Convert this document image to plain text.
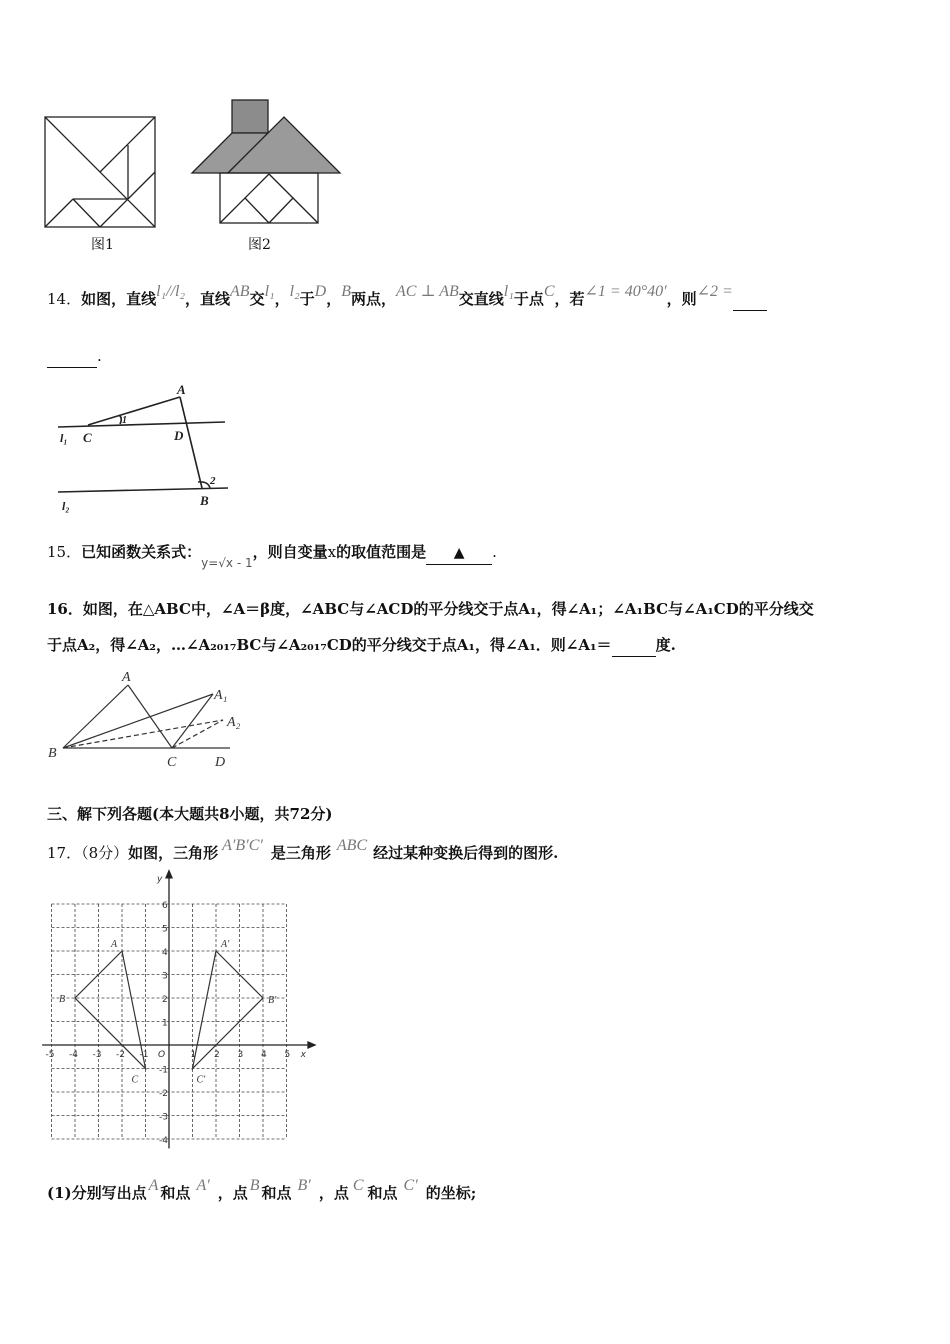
图1	图2
14．如图，直线l₁//l₂，直线AB交l₁，l₂于D，B两点，AC ⊥ AB交直线l₁于点C，若∠1 = 40°40′，则∠2 =
.
A
C	D
B
1
2
l₁
l₂
15．已知函数关系式：y=√x - 1，则自变量x的取值范围是 ▲ .
16．如图，在△ABC中，∠A＝β度，∠ABC与∠ACD的平分线交于点A₁，得∠A₁；∠A₁BC与∠A₁CD的平分线交
于点A₂，得∠A₂，…∠A₂₀₁₇BC与∠A₂₀₁₇CD的平分线交于点A₁，得∠A₁．则∠A₁＝	度.
A
A₁
A₂
B
C	D
三、解下列各题(本大题共8小题，共72分)
17．（8分）如图，三角形 A′B′C′ 是三角形 ABC 经过某种变换后得到的图形.
-5 -4 -3 -2 -1	1 2 3 4 5
6
5
4
3
2
1
-1
-2
-3
-4
x
y
O
A
B
C
A′
B′
C′
(1)分别写出点 A 和点 A′ ，点 B 和点 B′ ，点 C 和点 C′ 的坐标;
